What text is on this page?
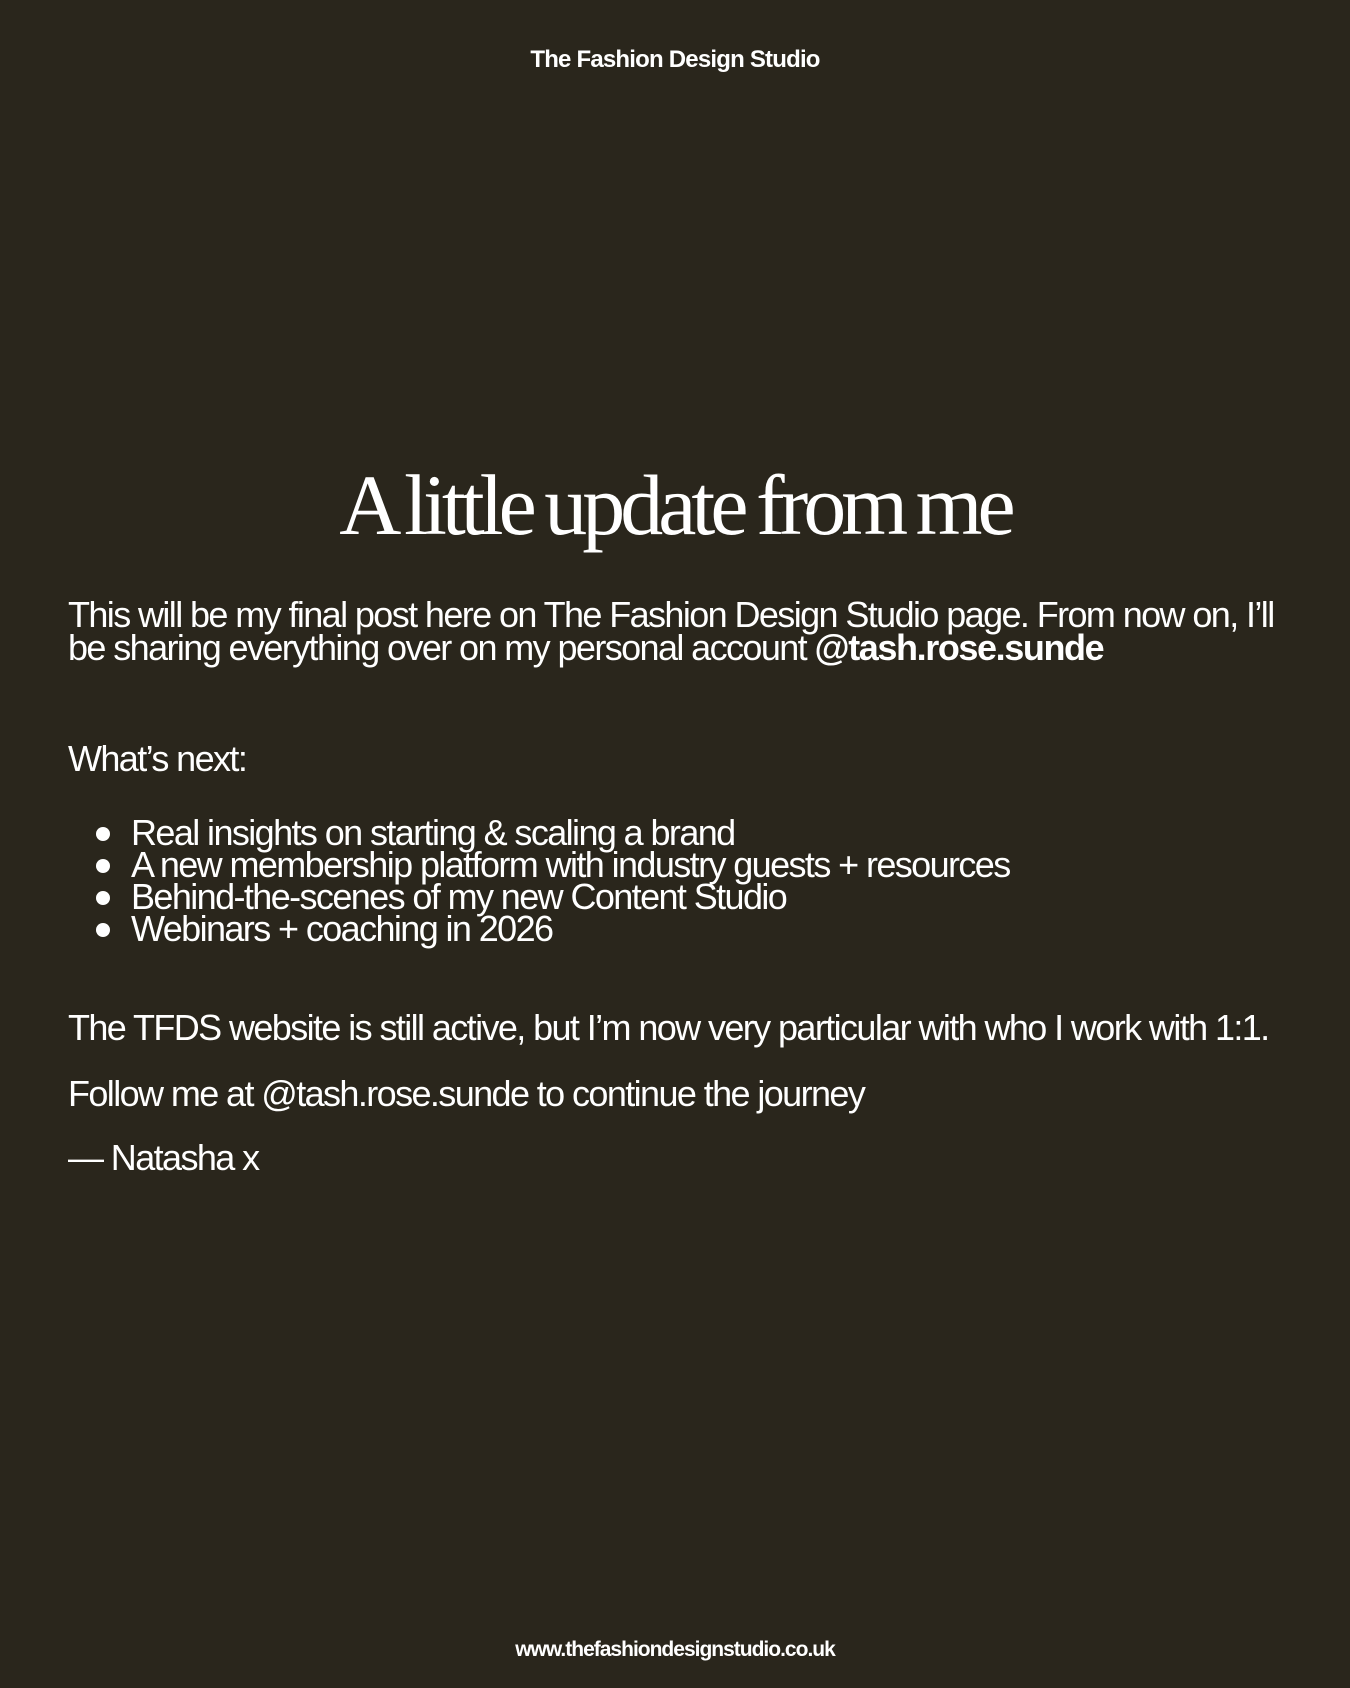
The Fashion Design Studio
A little update from me

This will be my final post here on The Fashion Design Studio page. From now on, I’ll be sharing everything over on my personal account @tash.rose.sunde

What’s next:

Real insights on starting & scaling a brand
A new membership platform with industry guests + resources
Behind-the-scenes of my new Content Studio
Webinars + coaching in 2026

The TFDS website is still active, but I’m now very particular with who I work with 1:1.

Follow me at @tash.rose.sunde to continue the journey

— Natasha x

www.thefashiondesignstudio.co.uk
